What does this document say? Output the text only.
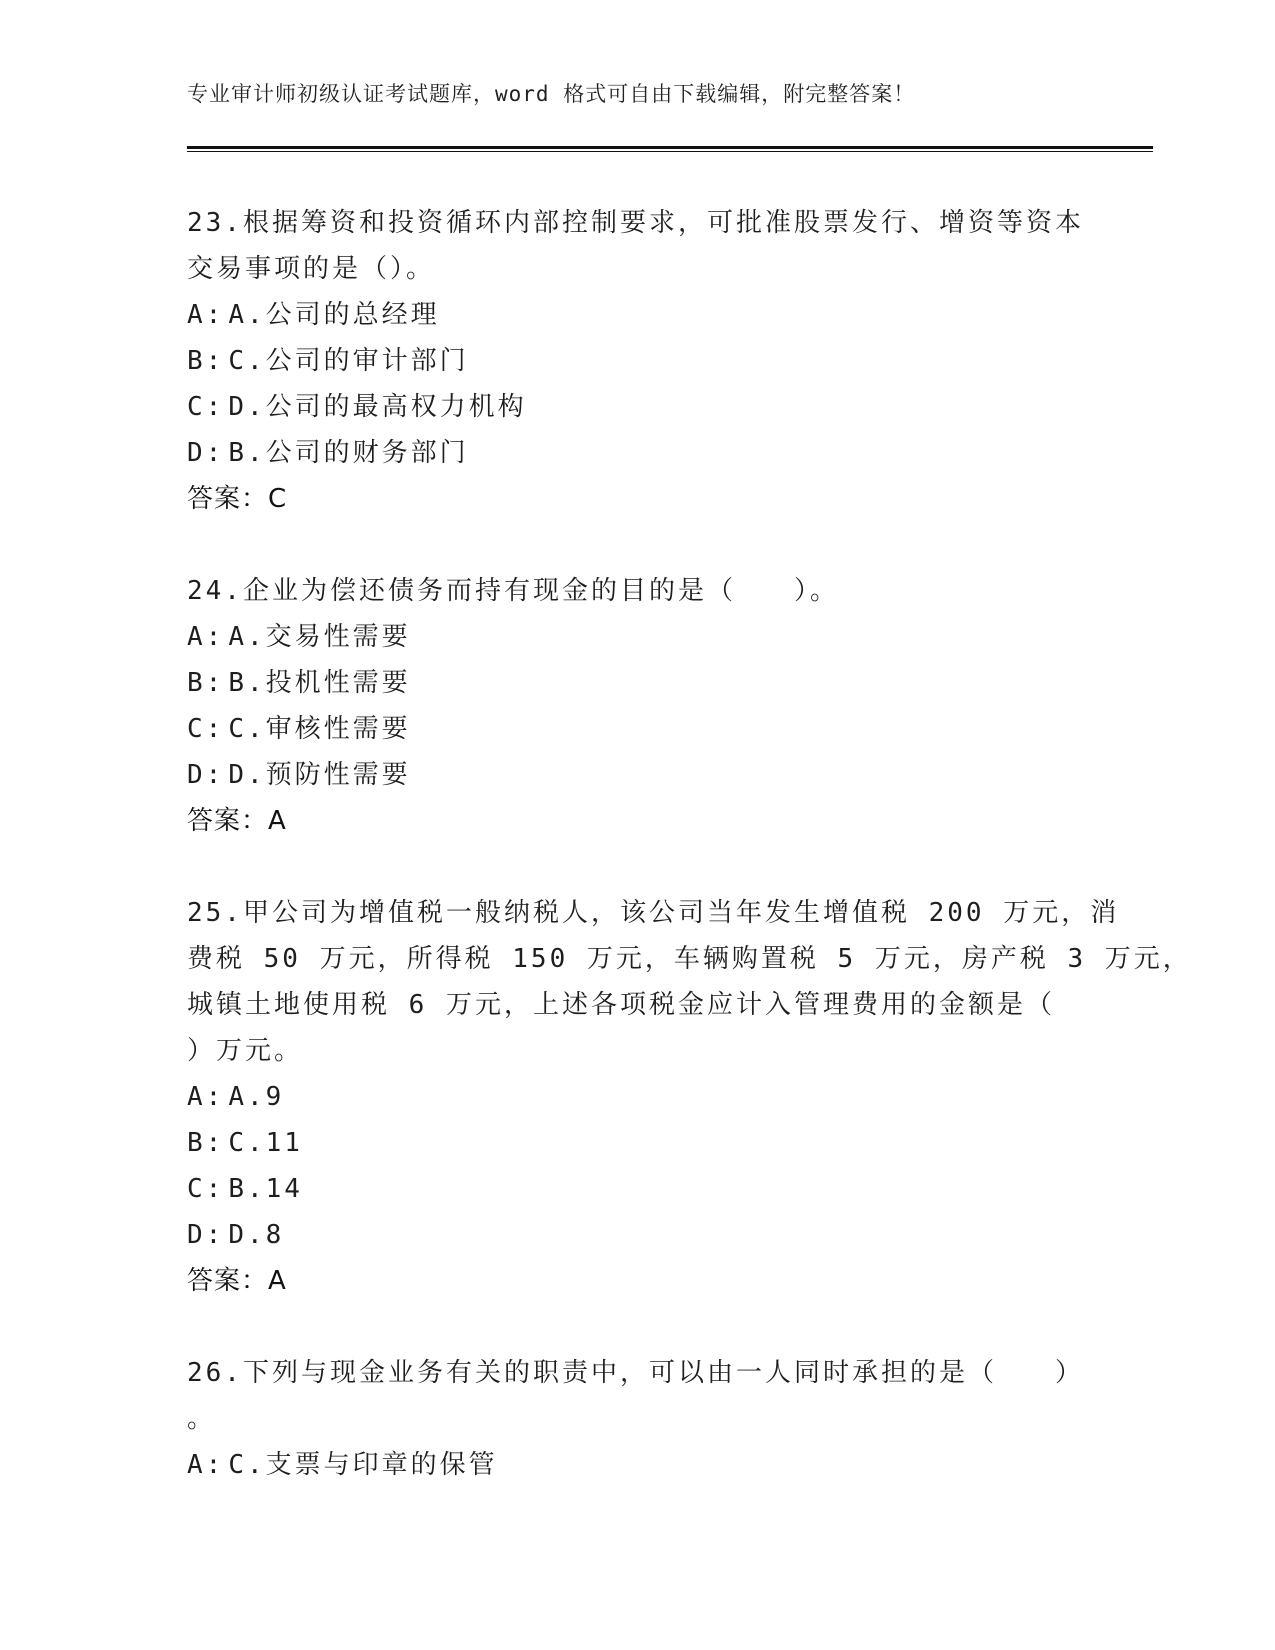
专业审计师初级认证考试题库，word 格式可自由下载编辑，附完整答案！
23.根据筹资和投资循环内部控制要求，可批准股票发行、增资等资本
交易事项的是（）。
A: A.公司的总经理
B: C.公司的审计部门
C: D.公司的最高权力机构
D: B.公司的财务部门
答案：C
24.企业为偿还债务而持有现金的目的是（　　）。
A: A.交易性需要
B: B.投机性需要
C: C.审核性需要
D: D.预防性需要
答案：A
25.甲公司为增值税一般纳税人，该公司当年发生增值税 200 万元，消
费税 50 万元，所得税 150 万元，车辆购置税 5 万元，房产税 3 万元，
城镇土地使用税 6 万元，上述各项税金应计入管理费用的金额是（
）万元。
A: A.9
B: C.11
C: B.14
D: D.8
答案：A
26.下列与现金业务有关的职责中，可以由一人同时承担的是（　　）
。
A: C.支票与印章的保管
